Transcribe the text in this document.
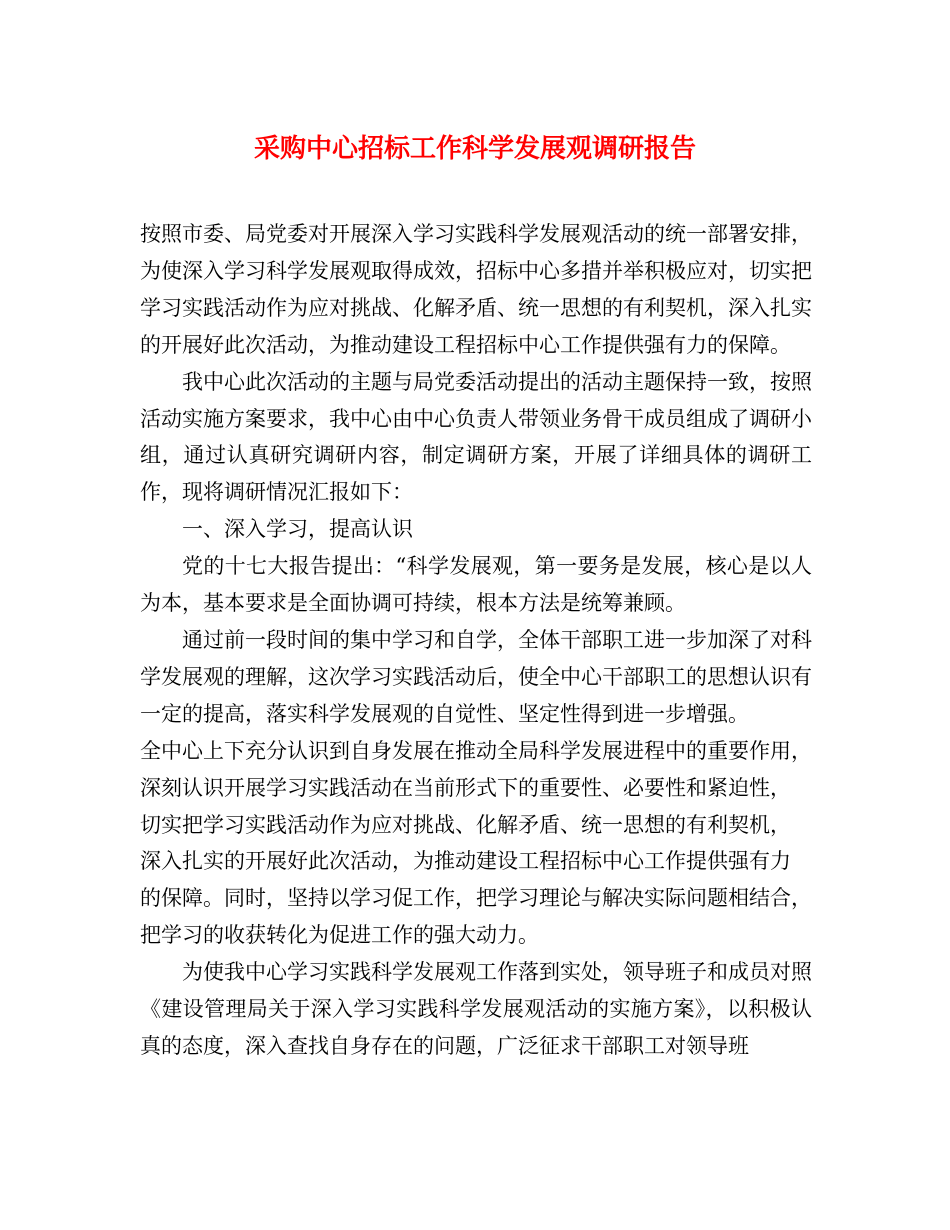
采购中心招标工作科学发展观调研报告

按照市委、局党委对开展深入学习实践科学发展观活动的统一部署安排，为使深入学习科学发展观取得成效，招标中心多措并举积极应对，切实把学习实践活动作为应对挑战、化解矛盾、统一思想的有利契机，深入扎实的开展好此次活动，为推动建设工程招标中心工作提供强有力的保障。

我中心此次活动的主题与局党委活动提出的活动主题保持一致，按照活动实施方案要求，我中心由中心负责人带领业务骨干成员组成了调研小组，通过认真研究调研内容，制定调研方案，开展了详细具体的调研工作，现将调研情况汇报如下：

一、深入学习，提高认识

党的十七大报告提出：“科学发展观，第一要务是发展，核心是以人为本，基本要求是全面协调可持续，根本方法是统筹兼顾。

通过前一段时间的集中学习和自学，全体干部职工进一步加深了对科学发展观的理解，这次学习实践活动后，使全中心干部职工的思想认识有一定的提高，落实科学发展观的自觉性、坚定性得到进一步增强。

全中心上下充分认识到自身发展在推动全局科学发展进程中的重要作用，

深刻认识开展学习实践活动在当前形式下的重要性、必要性和紧迫性，

切实把学习实践活动作为应对挑战、化解矛盾、统一思想的有利契机，

深入扎实的开展好此次活动，为推动建设工程招标中心工作提供强有力

的保障。同时，坚持以学习促工作，把学习理论与解决实际问题相结合，

把学习的收获转化为促进工作的强大动力。

为使我中心学习实践科学发展观工作落到实处，领导班子和成员对照《建设管理局关于深入学习实践科学发展观活动的实施方案》，以积极认真的态度，深入查找自身存在的问题，广泛征求干部职工对领导班
